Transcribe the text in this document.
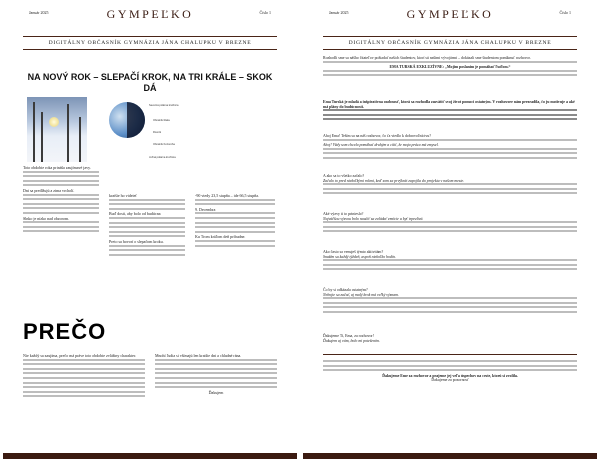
Január 2025	GYMPEĽKO	Číslo 1
DIGITÁLNY OBČASNÍK GYMNÁZIA JÁNA CHALUPKU V BREZNE
NA NOVÝ ROK – SLEPAČÍ KROK, NA TRI KRÁLE – SKOK DÁ
Severná polárna kružnica
Obratník Raka
Rovník
Obratník Kozoroha
Južná polárna kružnica
Toto obdobie roka prináša zaujímavé javy.
Dni sa predlžujú a zima vrcholí.
Slnko je nízko nad obzorom.
kratšie ho videieť
Buď dosti, aby bolo od budúcna
Preto sa hovorí o slepačom kroku.
-90 vtedy 23,5 stupňa – ide 66,5 stupňa.
9. Decembra
Ku Trom kráľom deň pribudne.
PREČO
Nie každý sa zaujíma, prečo má práve toto obdobie zvláštny charakter.	Mnohí ľudia si všímajú len kratšie dni a chladné rána.
Ďakujem
Január 2025	GYMPEĽKO	Číslo 1
DIGITÁLNY OBČASNÍK GYMNÁZIA JÁNA CHALUPKU V BREZNE
Rozhodli sme sa nášho čitateľov požiadať našich študentov, ktorí sú našimi vývojármi – dokázali sme študentom ponúknuť rozhovor.
EMA TURSKÁ EXKLUZÍVNE: „Mojím poslaním je pomáhať ľuďom.“
Ema Turská je mladá a inšpiratívna osobnosť, ktorá sa rozhodla zasvätiť svoj život pomoci ostatným. V rozhovore nám prezradila, čo ju motivuje a aké má plány do budúcnosti.
Ahoj Ema! Teším sa na náš rozhovor, čo ťa viedlo k dobrovoľníctvu?
Ahoj! Vždy som chcela pomáhať druhým a cítiť, že moja práca má zmysel.
A ako sa to všetko začalo?
Začalo to pred niekoľkými rokmi, keď som sa prvýkrát zapojila do projektu v našom meste.
Aké výzvy ti to prinieslo?
Najväčšou výzvou bolo naučiť sa zvládať emócie a byť trpezlivá.
Ako často sa venuješ týmto aktivitám?
Snažím sa každý týždeň, aspoň niekoľko hodín.
Čo by si odkázala ostatným?
Nebojte sa začať, aj malý krok má veľký význam.
Ďakujeme Ti, Ema, za rozhovor!
Ďakujem aj vám, bolo mi potešením.
Ďakujeme Eme za rozhovor a prajeme jej veľa úspechov na ceste, ktorú si zvolila.
Ďakujeme za pozornosť
